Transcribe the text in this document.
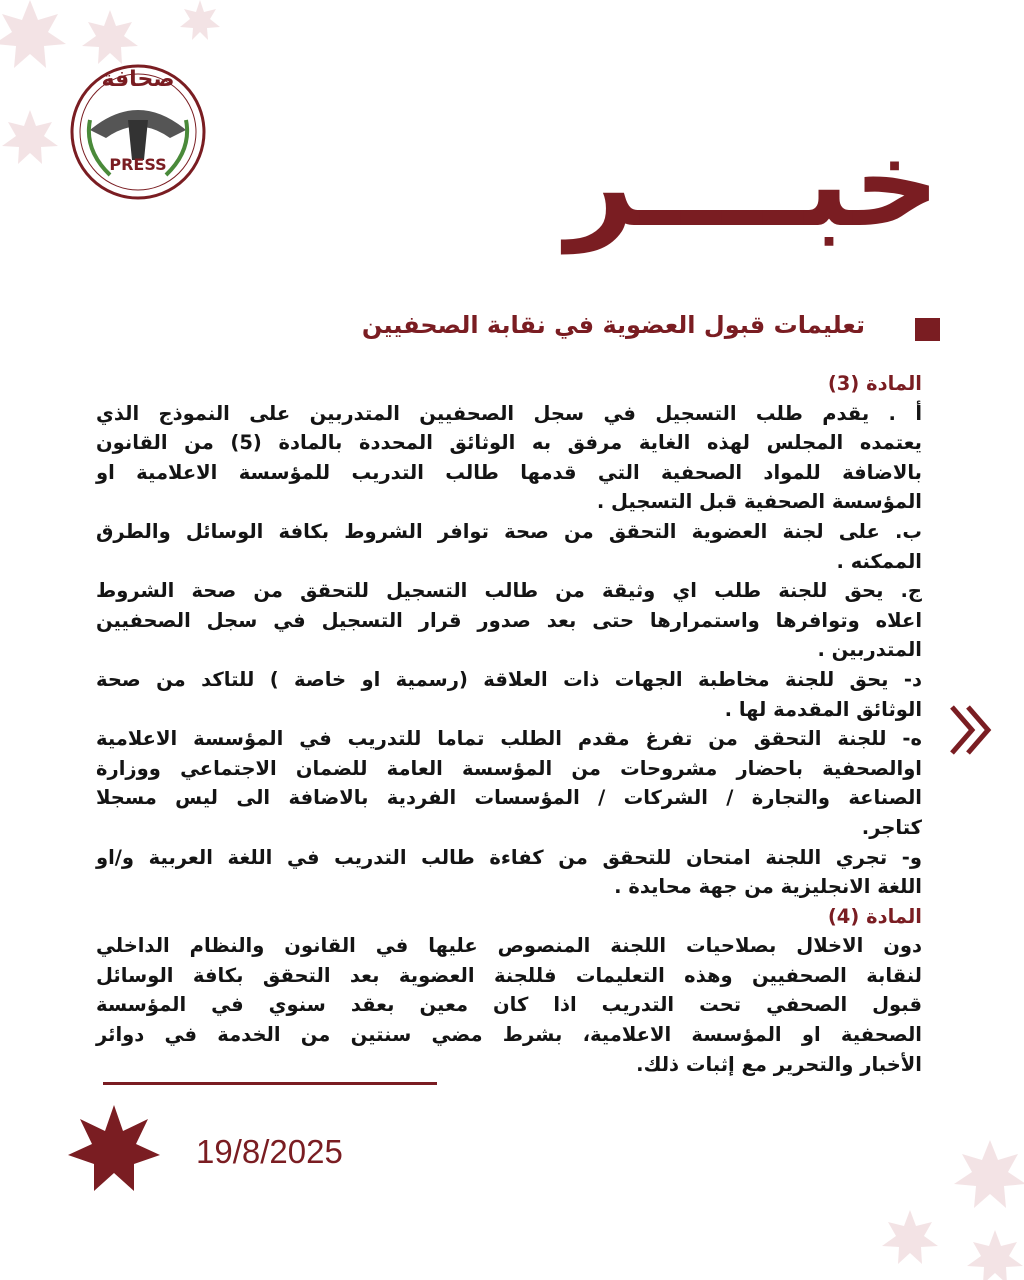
صحافة
PRESS	خبــــر
تعليمات قبول العضوية في نقابة الصحفيين
المادة (3)
أ . يقدم طلب التسجيل في سجل الصحفيين المتدربين على النموذج الذي
يعتمده المجلس لهذه الغاية مرفق به الوثائق المحددة بالمادة (5) من القانون
بالاضافة للمواد الصحفية التي قدمها طالب التدريب للمؤسسة الاعلامية او
المؤسسة الصحفية قبل التسجيل .
ب. على لجنة العضوية التحقق من صحة توافر الشروط بكافة الوسائل والطرق
الممكنه .
ج. يحق للجنة طلب اي وثيقة من طالب التسجيل للتحقق من صحة الشروط
اعلاه وتوافرها واستمرارها حتى بعد صدور قرار التسجيل في سجل الصحفيين
المتدربين .
د- يحق للجنة مخاطبة الجهات ذات العلاقة (رسمية او خاصة ) للتاكد من صحة
الوثائق المقدمة لها .
ه- للجنة التحقق من تفرغ مقدم الطلب تماما للتدريب في المؤسسة الاعلامية
اوالصحفية باحضار مشروحات من المؤسسة العامة للضمان الاجتماعي ووزارة
الصناعة والتجارة / الشركات / المؤسسات الفردية بالاضافة الى ليس مسجلا
كتاجر.
و- تجري اللجنة امتحان للتحقق من كفاءة طالب التدريب في اللغة العربية و/او
اللغة الانجليزية من جهة محايدة .
المادة (4)
دون الاخلال بصلاحيات اللجنة المنصوص عليها في القانون والنظام الداخلي
لنقابة الصحفيين وهذه التعليمات فللجنة العضوية بعد التحقق بكافة الوسائل
قبول الصحفي تحت التدريب اذا كان معين بعقد سنوي في المؤسسة
الصحفية او المؤسسة الاعلامية، بشرط مضي سنتين من الخدمة في دوائر
الأخبار والتحرير مع إثبات ذلك.
19/8/2025
